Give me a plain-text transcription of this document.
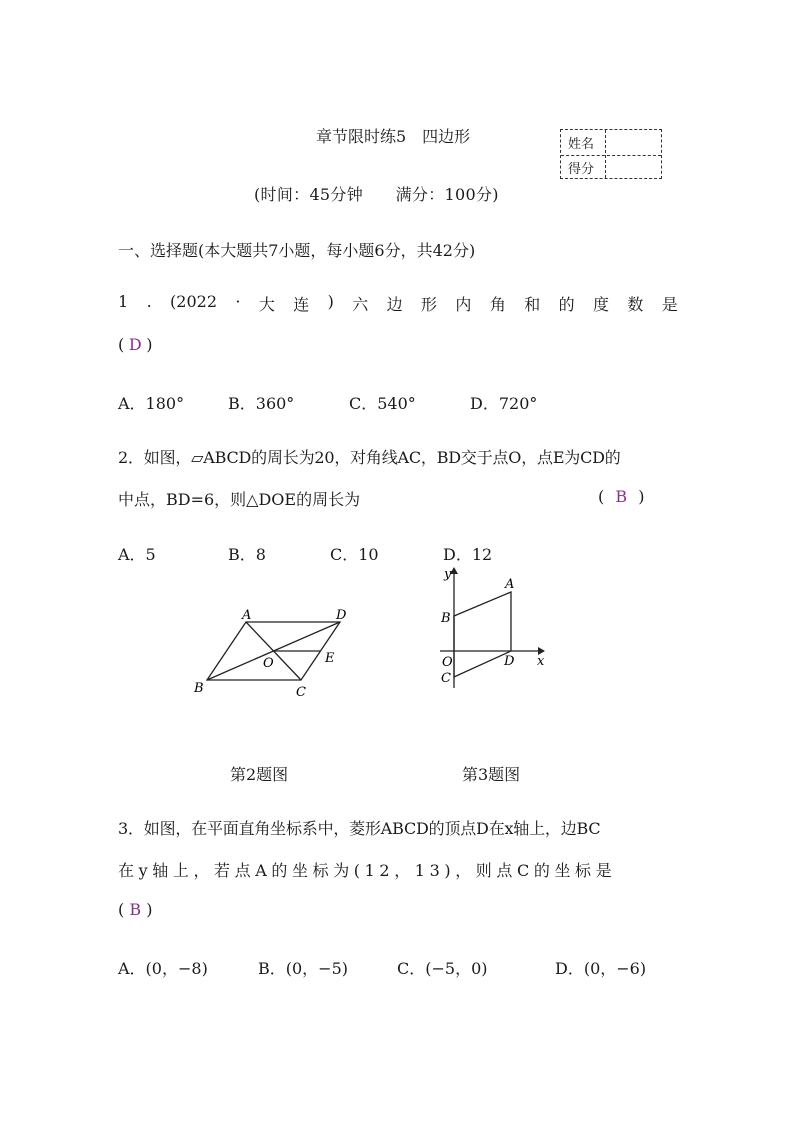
章节限时练5　四边形	姓名
得分
(时间：45分钟　　满分：100分)
一、选择题(本大题共7小题，每小题6分，共42分)
1 . (2022 · 大 连 ) 六 边 形 内 角 和 的 度 数 是
( D )
A．180°	B．360°	C．540°	D．720°
2．如图，▱ABCD的周长为20，对角线AC，BD交于点O，点E为CD的
中点，BD=6，则△DOE的周长为	( B )
A．5	B．8	C．10	D．12
A	D
B	C
O	E
y
x
A
B
O	D
C
第2题图	第3题图
3．如图，在平面直角坐标系中，菱形ABCD的顶点D在x轴上，边BC
在y轴上，若点A的坐标为(12，13)，则点C的坐标是
( B )
A．(0，−8)	B．(0，−5)	C．(−5，0)	D．(0，−6)
